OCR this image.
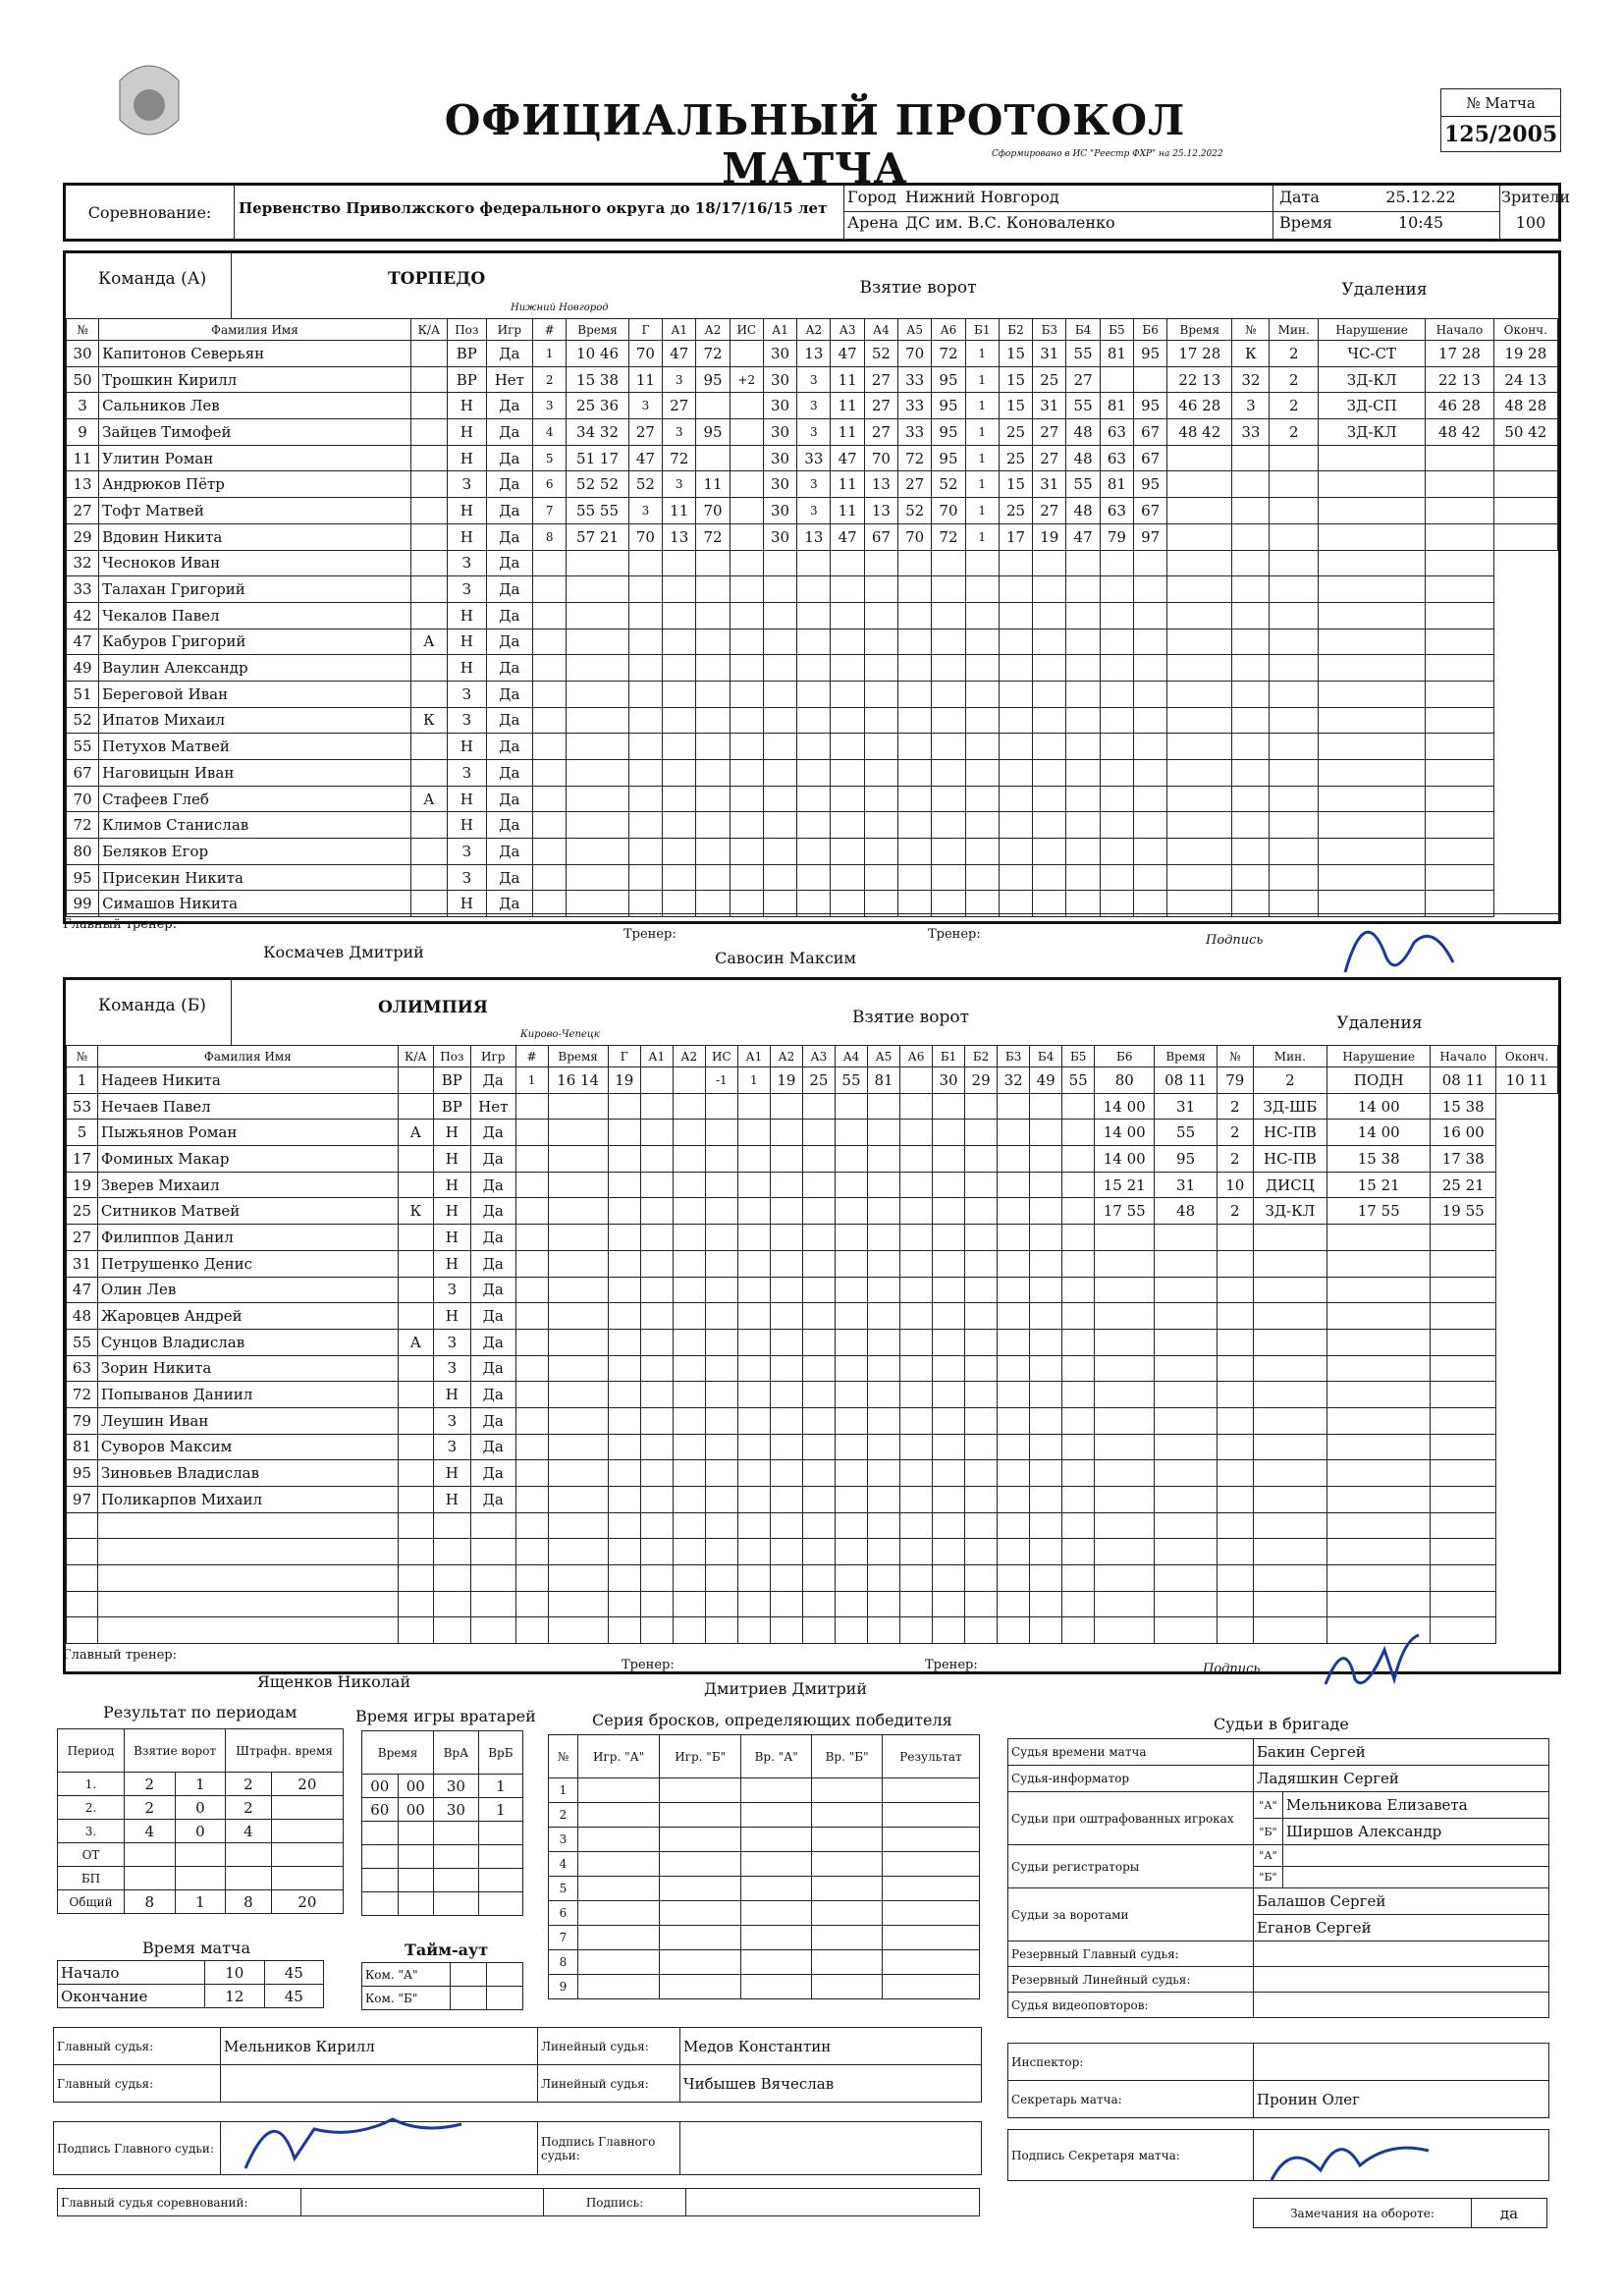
ОФИЦИАЛЬНЫЙ ПРОТОКОЛ МАТЧА	Сформировано в ИС "Реестр ФХР" на 25.12.2022
№ Матча
125/2005
Соревнование:	Первенство Приволжского федерального округа до 18/17/16/15 лет
Город Нижний Новгород
Арена ДС им. В.С. Коноваленко
Дата	25.12.22
Время	10:45
Зрители
100
Команда (А)	ТОРПЕДО
Нижний Новгород
Взятие ворот	Удаления
№	Фамилия Имя	К/А	Поз	Игр	#	Время	Г	А1	А2	ИС	А1	А2	А3	А4	А5	А6	Б1	Б2	Б3	Б4	Б5	Б6	Время	№	Мин.	Нарушение	Начало	Оконч.
30	Капитонов Северьян		ВР	Да	1	10 46	70	47	72		30	13	47	52	70	72	1	15	31	55	81	95	17 28	К	2	ЧС-СТ	17 28	19 28
50	Трошкин Кирилл		ВР	Нет	2	15 38	11	3	95	+2	30	3	11	27	33	95	1	15	25	27			22 13	32	2	ЗД-КЛ	22 13	24 13
3	Сальников Лев		Н	Да	3	25 36	3	27			30	3	11	27	33	95	1	15	31	55	81	95	46 28	3	2	ЗД-СП	46 28	48 28
9	Зайцев Тимофей		Н	Да	4	34 32	27	3	95		30	3	11	27	33	95	1	25	27	48	63	67	48 42	33	2	ЗД-КЛ	48 42	50 42
11	Улитин Роман		Н	Да	5	51 17	47	72			30	33	47	70	72	95	1	25	27	48	63	67						
13	Андрюков Пётр		З	Да	6	52 52	52	3	11		30	3	11	13	27	52	1	15	31	55	81	95						
27	Тофт Матвей		Н	Да	7	55 55	3	11	70		30	3	11	13	52	70	1	25	27	48	63	67						
29	Вдовин Никита		Н	Да	8	57 21	70	13	72		30	13	47	67	70	72	1	17	19	47	79	97						
32	Чесноков Иван		З	Да																								
33	Талахан Григорий		З	Да																								
42	Чекалов Павел		Н	Да																								
47	Кабуров Григорий	А	Н	Да																								
49	Ваулин Александр		Н	Да																								
51	Береговой Иван		З	Да																								
52	Ипатов Михаил	К	З	Да																								
55	Петухов Матвей		Н	Да																								
67	Наговицын Иван		З	Да																								
70	Стафеев Глеб	А	Н	Да																								
72	Климов Станислав		Н	Да																								
80	Беляков Егор		З	Да																								
95	Присекин Никита		З	Да																								
99	Симашов Никита		Н	Да																								
Главный тренер:
Космачев Дмитрий
Тренер:
Савосин Максим
Тренер:	Подпись
Команда (Б)	ОЛИМПИЯ
Кирово-Чепецк
Взятие ворот	Удаления
№	Фамилия Имя	К/А	Поз	Игр	#	Время	Г	А1	А2	ИС	А1	А2	А3	А4	А5	А6	Б1	Б2	Б3	Б4	Б5	Б6	Время	№	Мин.	Нарушение	Начало	Оконч.
1	Надеев Никита		ВР	Да	1	16 14	19			-1	1	19	25	55	81		30	29	32	49	55	80	08 11	79	2	ПОДН	08 11	10 11
53	Нечаев Павел		ВР	Нет																		14 00	31	2	ЗД-ШБ	14 00	15 38	
5	Пыжьянов Роман	А	Н	Да																		14 00	55	2	НС-ПВ	14 00	16 00	
17	Фоминых Макар		Н	Да																		14 00	95	2	НС-ПВ	15 38	17 38	
19	Зверев Михаил		Н	Да																		15 21	31	10	ДИСЦ	15 21	25 21	
25	Ситников Матвей	К	Н	Да																		17 55	48	2	ЗД-КЛ	17 55	19 55	
27	Филиппов Данил		Н	Да																								
31	Петрушенко Денис		Н	Да																								
47	Олин Лев		З	Да																								
48	Жаровцев Андрей		Н	Да																								
55	Сунцов Владислав	А	З	Да																								
63	Зорин Никита		З	Да																								
72	Попыванов Даниил		Н	Да																								
79	Леушин Иван		З	Да																								
81	Суворов Максим		З	Да																								
95	Зиновьев Владислав		Н	Да																								
97	Поликарпов Михаил		Н	Да																								

Главный тренер:
Ященков Николай
Тренер:
Дмитриев Дмитрий
Тренер:	Подпись
Результат по периодам
Период	Взятие ворот		Штрафн. время	
1.	2	1	2	20
2.	2	0	2	
3.	4	0	4	
ОТ				
БП				
Общий	8	1	8	20
Время игры вратарей
Время		ВрА	ВрБ
00	00	30	1
60	00	30	1

Время матча
Начало	10	45
Окончание	12	45
Тайм-аут
Ком. "А"		
Ком. "Б"		
Серия бросков, определяющих победителя
№	Игр. "А"	Игр. "Б"	Вр. "А"	Вр. "Б"	Результат
1					
2					
3					
4					
5					
6					
7					
8					
9					
Судьи в бригаде
Судья времени матча	Бакин Сергей	
Судья-информатор	Ладяшкин Сергей	
Судьи при оштрафованных игроках	"А"	Мельникова Елизавета
	"Б"	Ширшов Александр
Судьи регистраторы	"А"	
	"Б"	
Судьи за воротами	Балашов Сергей	
	Еганов Сергей	
Резервный Главный судья:		
Резервный Линейный судья:		
Судья видеоповторов:		
Главный судья:	Мельников Кирилл	Линейный судья:	Медов Константин
Главный судья:		Линейный судья:	Чибышев Вячеслав
Подпись Главного судьи:		Подпись Главного судьи:	
Главный судья соревнований:		Подпись:	
Инспектор:	
Секретарь матча:	Пронин Олег
Подпись Секретаря матча:	
Замечания на обороте:	да
